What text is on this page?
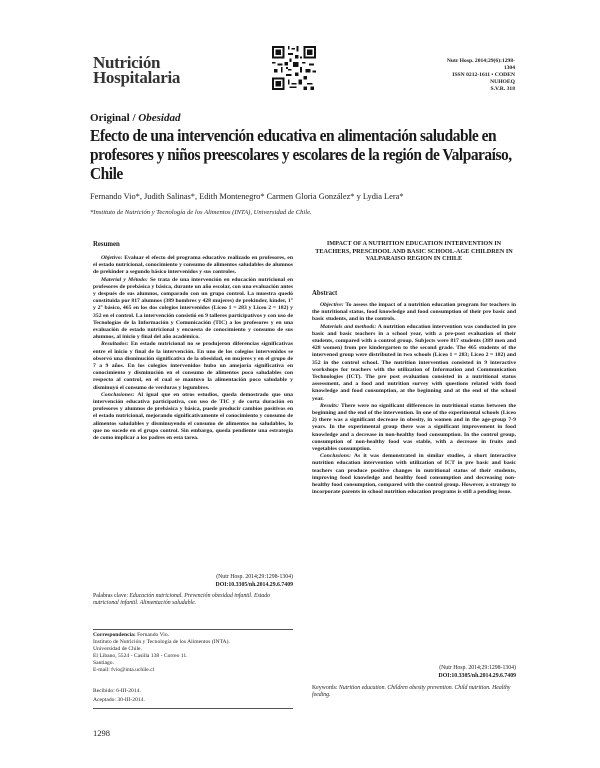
Nutrición
Hospitalaria
Nutr Hosp. 2014;29(6):1298-1304
ISSN 0212-1611 • CODEN NUHOEQ
S.V.R. 318
Original / Obesidad
Efecto de una intervención educativa en alimentación saludable en profesores y niños preescolares y escolares de la región de Valparaíso, Chile
Fernando Vio*, Judith Salinas*, Edith Montenegro* Carmen Gloria González* y Lydia Lera*
*Instituto de Nutrición y Tecnología de los Alimentos (INTA), Universidad de Chile.
Resumen

Objetivo: Evaluar el efecto del programa educativo realizado en profesores, en el estado nutricional, conocimiento y consumo de alimentos saludables de alumnos de prekinder a segundo básico intervenidos y sus controles.

Material y Método: Se trata de una intervención en educación nutricional en profesores de prebásica y básica, durante un año escolar, con una evaluación antes y después de sus alumnos, comparado con un grupo control. La muestra quedó constituida por 817 alumnos (389 hombres y 428 mujeres) de prekinder, kínder, 1° y 2° básico, 465 en los dos colegios intervenidos (Liceo 1 = 283 y Liceo 2 = 182) y 352 en el control. La intervención consistió en 9 talleres participativos y con uso de Tecnologías de la Información y Comunicación (TIC) a los profesores y en una evaluación de estado nutricional y encuesta de conocimiento y consumo de sus alumnos, al inicio y final del año académico.

Resultados: En estado nutricional no se produjeron diferencias significativas entre el inicio y final de la intervención. En uno de los colegios intervenidos se observó una disminución significativa de la obesidad, en mujeres y en el grupo de 7 a 9 años. En los colegios intervenidos hubo un amejoría significativa en conocimiento y disminución en el consumo de alimentos poco saludables con respecto al control, en el cual se mantuvo la alimentación poco saludable y disminuyó el consumo de verduras y legumbres.

Conclusiones: Al igual que en otros estudios, queda demostrado que una intervención educativa participativa, con uso de TIC y de corta duración en profesores y alumnos de prebásica y básica, puede producir cambios positivos en el estado nutricional, mejorando significativamente el conocimiento y consumo de alimentos saludables y disminuyendo el consumo de alimentos no saludables, lo que no sucede en el grupo control. Sin embargo, queda pendiente una estrategia de como implicar a los padres en esta tarea.

(Nutr Hosp. 2014;29:1298-1304)
DOI:10.3305/nh.2014.29.6.7409
Palabras clave: Educación nutricional. Prevención obesidad infantil. Estado nutricional infantil. Alimentación saludable.
Correspondencia: Fernando Vio.
Instituto de Nutrición y Tecnología de los Alimentos (INTA).
Universidad de Chile.
El Líbano, 5524 - Casilla 138 - Correo 11.
Santiago.
E-mail: fvio@inta.uchile.cl
Recibido: 6-III-2014.
Aceptado: 30-III-2014.
1298
IMPACT OF A NUTRITION EDUCATION INTERVENTION IN TEACHERS, PRESCHOOL AND BASIC SCHOOL-AGE CHILDREN IN VALPARAISO REGION IN CHILE
Abstract

Objective: To assess the impact of a nutrition education program for teachers in the nutritional status, food knowledge and food consumption of their pre basic and basic students, and in the controls.

Materials and methods: A nutrition education intervention was conducted in pre basic and basic teachers in a school year, with a pre-post evaluation of their students, compared with a control group. Subjects were 817 students (389 men and 428 women) from pre kindergarten to the second grade. The 465 students of the intervened group were distributed in two schools (Liceo 1 = 283; Liceo 2 = 182) and 352 in the control school. The nutrition intervention consisted in 9 interactive workshops for teachers with the utilization of Information and Communication Technologies (ICT). The pre post evaluation consisted in a nutritional status assessment, and a food and nutrition survey with questions related with food knowledge and food consumption, at the beginning and at the end of the school year.

Results: There were no significant differences in nutritional status between the beginning and the end of the intervention. In one of the experimental schools (Liceo 2) there was a significant decrease in obesity, in women and in the age-group 7-9 years. In the experimental group there was a significant improvement in food knowledge and a decrease in non-healthy food consumption. In the control group, consumption of non-healthy food was stable, with a decrease in fruits and vegetables consumption.

Conclusions: As it was demonstrated in similar studies, a short interactive nutrition education intervention with utilization of ICT in pre basic and basic teachers can produce positive changes in nutritional status of their students, improving food knowledge and healthy food consumption and decreasing non-healthy food consumption, compared with the control group. However, a strategy to incorporate parents in school nutrition education programs is still a pending issue.

(Nutr Hosp. 2014;29:1298-1304)
DOI:10.3305/nh.2014.29.6.7409
Keywords: Nutrition education. Children obesity prevention. Child nutrition. Healthy feeding.
